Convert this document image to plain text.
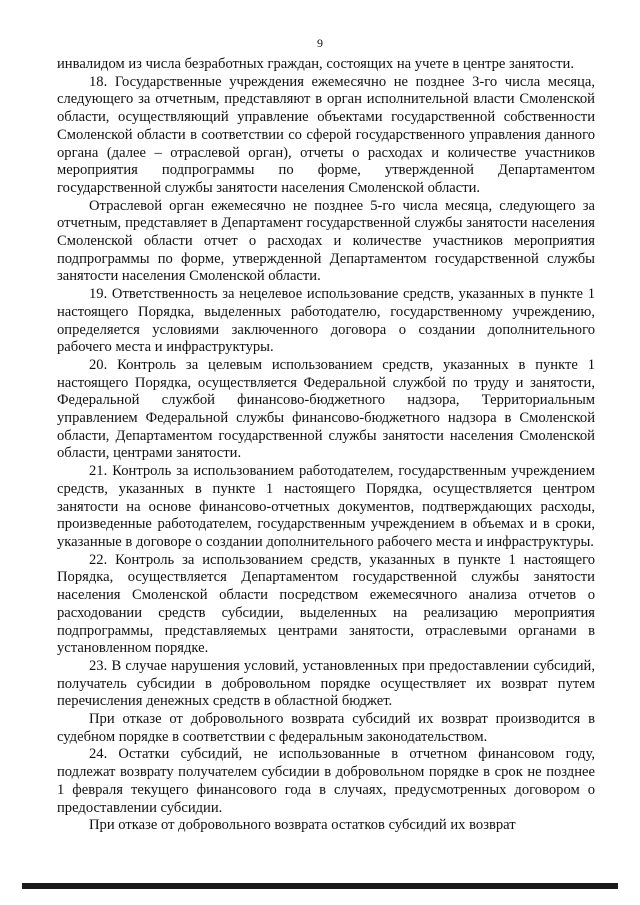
9

инвалидом из числа безработных граждан, состоящих на учете в центре занятости.

18. Государственные учреждения ежемесячно не позднее 3-го числа месяца, следующего за отчетным, представляют в орган исполнительной власти Смоленской области, осуществляющий управление объектами государственной собственности Смоленской области в соответствии со сферой государственного управления данного органа (далее – отраслевой орган), отчеты о расходах и количестве участников мероприятия подпрограммы по форме, утвержденной Департаментом государственной службы занятости населения Смоленской области.

Отраслевой орган ежемесячно не позднее 5-го числа месяца, следующего за отчетным, представляет в Департамент государственной службы занятости населения Смоленской области отчет о расходах и количестве участников мероприятия подпрограммы по форме, утвержденной Департаментом государственной службы занятости населения Смоленской области.

19. Ответственность за нецелевое использование средств, указанных в пункте 1 настоящего Порядка, выделенных работодателю, государственному учреждению, определяется условиями заключенного договора о создании дополнительного рабочего места и инфраструктуры.

20. Контроль за целевым использованием средств, указанных в пункте 1 настоящего Порядка, осуществляется Федеральной службой по труду и занятости, Федеральной службой финансово-бюджетного надзора, Территориальным управлением Федеральной службы финансово-бюджетного надзора в Смоленской области, Департаментом государственной службы занятости населения Смоленской области, центрами занятости.

21. Контроль за использованием работодателем, государственным учреждением средств, указанных в пункте 1 настоящего Порядка, осуществляется центром занятости на основе финансово-отчетных документов, подтверждающих расходы, произведенные работодателем, государственным учреждением в объемах и в сроки, указанные в договоре о создании дополнительного рабочего места и инфраструктуры.

22. Контроль за использованием средств, указанных в пункте 1 настоящего Порядка, осуществляется Департаментом государственной службы занятости населения Смоленской области посредством ежемесячного анализа отчетов о расходовании средств субсидии, выделенных на реализацию мероприятия подпрограммы, представляемых центрами занятости, отраслевыми органами в установленном порядке.

23. В случае нарушения условий, установленных при предоставлении субсидий, получатель субсидии в добровольном порядке осуществляет их возврат путем перечисления денежных средств в областной бюджет.

При отказе от добровольного возврата субсидий их возврат производится в судебном порядке в соответствии с федеральным законодательством.

24. Остатки субсидий, не использованные в отчетном финансовом году, подлежат возврату получателем субсидии в добровольном порядке в срок не позднее 1 февраля текущего финансового года в случаях, предусмотренных договором о предоставлении субсидии.

При отказе от добровольного возврата остатков субсидий их возврат
